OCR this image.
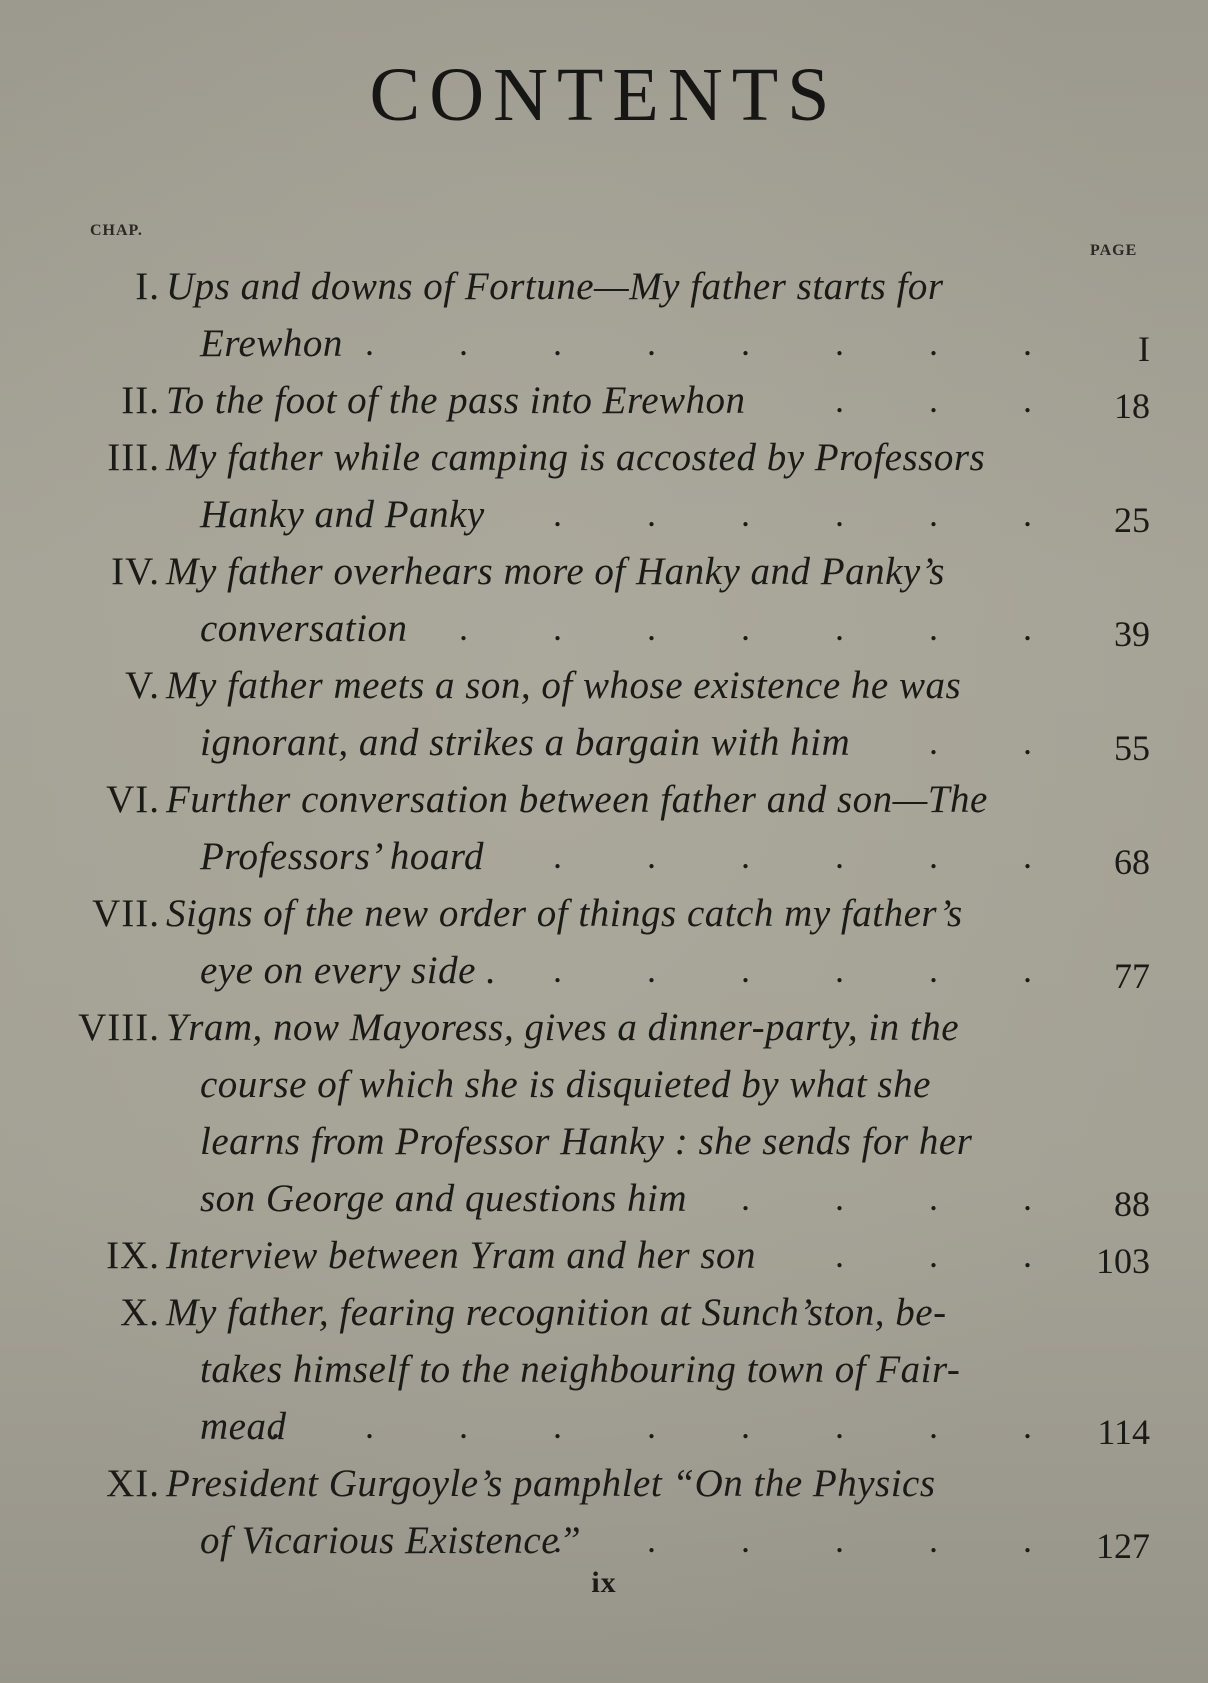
CONTENTS
CHAP.
PAGE
I. Ups and downs of Fortune—My father starts for
Erewhon . . . . . . . .	I
II. To the foot of the pass into Erewhon . . .	18
III. My father while camping is accosted by Professors
Hanky and Panky . . . . . .	25
IV. My father overhears more of Hanky and Panky’s
conversation . . . . . . .	39
V. My father meets a son, of whose existence he was
ignorant, and strikes a bargain with him . .	55
VI. Further conversation between father and son—The
Professors’ hoard . . . . . .	68
VII. Signs of the new order of things catch my father’s
eye on every side . . . . . . .	77
VIII. Yram, now Mayoress, gives a dinner-party, in the
course of which she is disquieted by what she
learns from Professor Hanky : she sends for her
son George and questions him . . . .	88
IX. Interview between Yram and her son . . . 103
X. My father, fearing recognition at Sunch’ston, be-
takes himself to the neighbouring town of Fair-
mead
. . . . . . . . . 114
XI. President Gurgoyle’s pamphlet “On the Physics
of Vicarious Existence”
. . . . . . 127
ix
